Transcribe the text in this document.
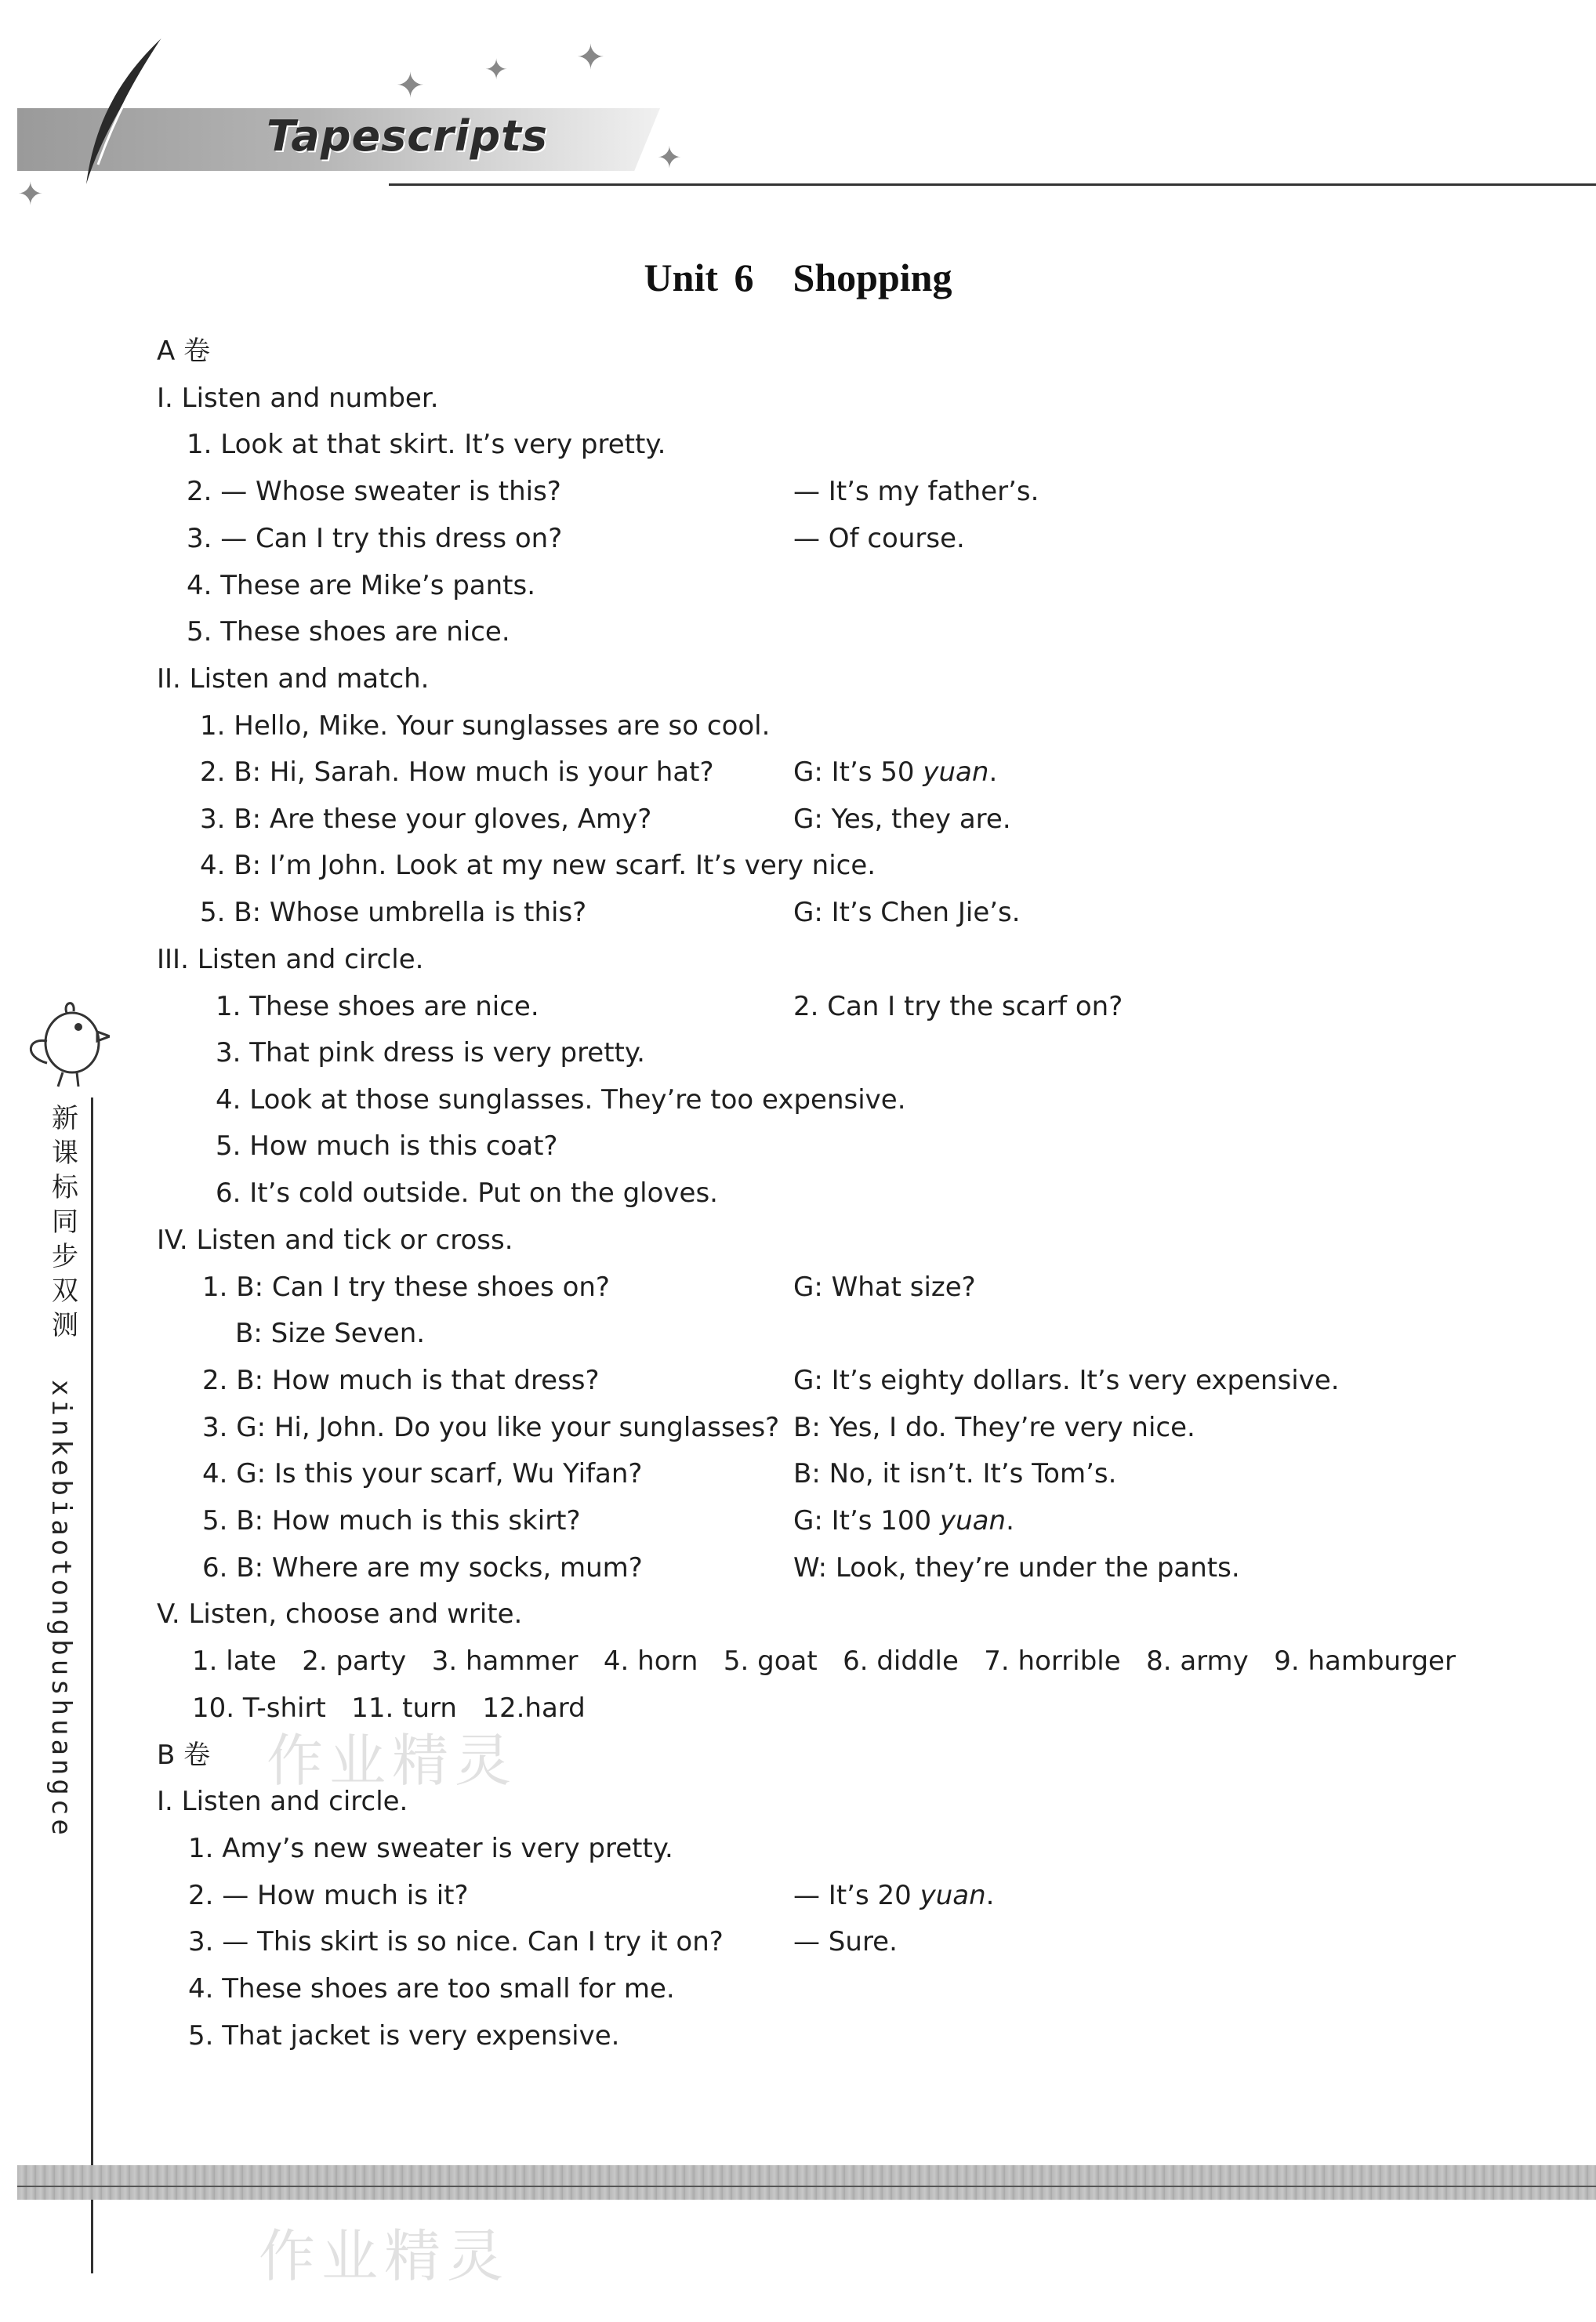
Tapescripts
✦ ✦ ✦
✦
✦
新
课
标
同
步
双
测
xinkebiaotongbushuangce	作业精灵
作业精灵
Unit 6 Shopping
A 卷
I. Listen and number.
1. Look at that skirt. It’s very pretty.
2. — Whose sweater is this?	— It’s my father’s.
3. — Can I try this dress on?	— Of course.
4. These are Mike’s pants.
5. These shoes are nice.
II. Listen and match.
1. Hello, Mike. Your sunglasses are so cool.
2. B: Hi, Sarah. How much is your hat?	G: It’s 50 yuan.
3. B: Are these your gloves, Amy?	G: Yes, they are.
4. B: I’m John. Look at my new scarf. It’s very nice.
5. B: Whose umbrella is this?	G: It’s Chen Jie’s.
III. Listen and circle.
1. These shoes are nice.	2. Can I try the scarf on?
3. That pink dress is very pretty.
4. Look at those sunglasses. They’re too expensive.
5. How much is this coat?
6. It’s cold outside. Put on the gloves.
IV. Listen and tick or cross.
1. B: Can I try these shoes on?	G: What size?
B: Size Seven.
2. B: How much is that dress?	G: It’s eighty dollars. It’s very expensive.
3. G: Hi, John. Do you like your sunglasses? B: Yes, I do. They’re very nice.
4. G: Is this your scarf, Wu Yifan?	B: No, it isn’t. It’s Tom’s.
5. B: How much is this skirt?	G: It’s 100 yuan.
6. B: Where are my socks, mum?	W: Look, they’re under the pants.
V. Listen, choose and write.
1. late   2. party   3. hammer   4. horn   5. goat   6. diddle   7. horrible   8. army   9. hamburger
10. T-shirt   11. turn   12.hard
B 卷
I. Listen and circle.
1. Amy’s new sweater is very pretty.
2. — How much is it?	— It’s 20 yuan.
3. — This skirt is so nice. Can I try it on?	— Sure.
4. These shoes are too small for me.
5. That jacket is very expensive.
